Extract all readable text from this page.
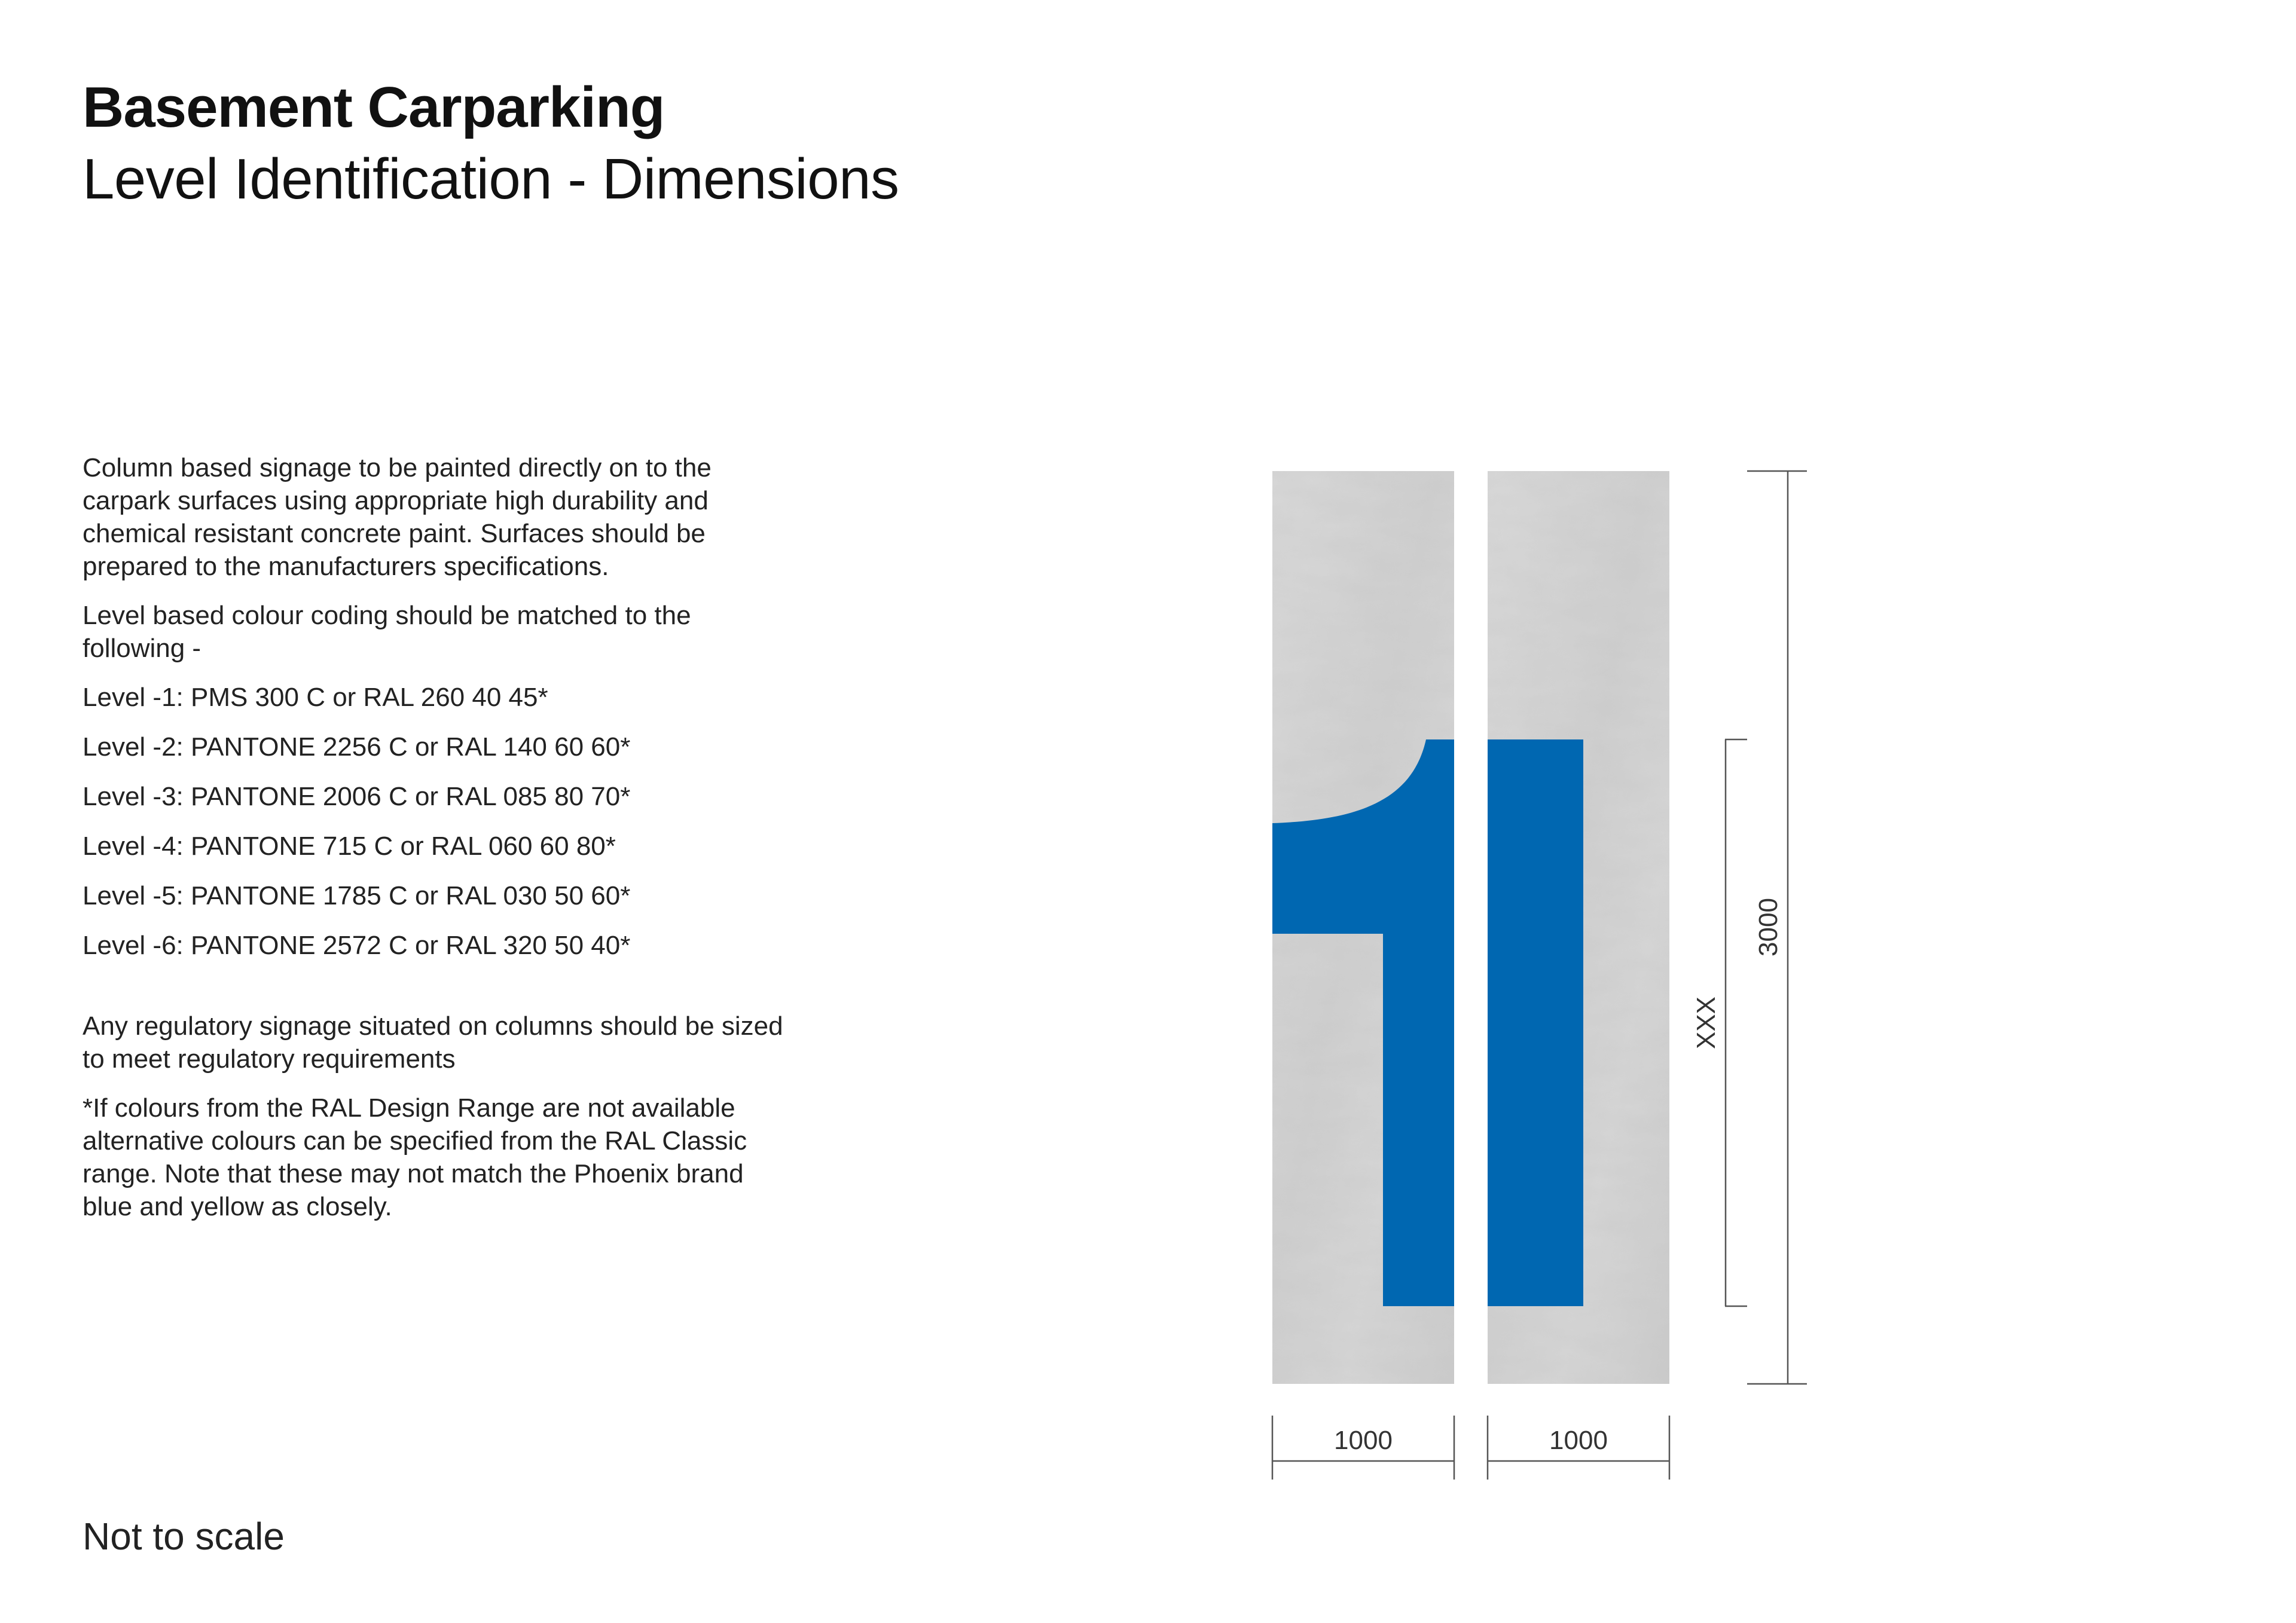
Basement Carparking
Level Identification - Dimensions

Column based signage to be painted directly on to the carpark surfaces using appropriate high durability and chemical resistant concrete paint. Surfaces should be prepared to the manufacturers specifications.

Level based colour coding should be matched to the following -

Level -1: PMS 300 C or RAL 260 40 45*

Level -2: PANTONE 2256 C or RAL 140 60 60*

Level -3: PANTONE 2006 C or RAL 085 80 70*

Level -4: PANTONE 715 C or RAL 060 60 80*

Level -5: PANTONE 1785 C or RAL 030 50 60*

Level -6: PANTONE 2572 C or RAL 320 50 40*

Any regulatory signage situated on columns should be sized to meet regulatory requirements

*If colours from the RAL Design Range are not available alternative colours can be specified from the RAL Classic range. Note that these may not match the Phoenix brand blue and yellow as closely.

XXX
3000
1000	1000
Not to scale
